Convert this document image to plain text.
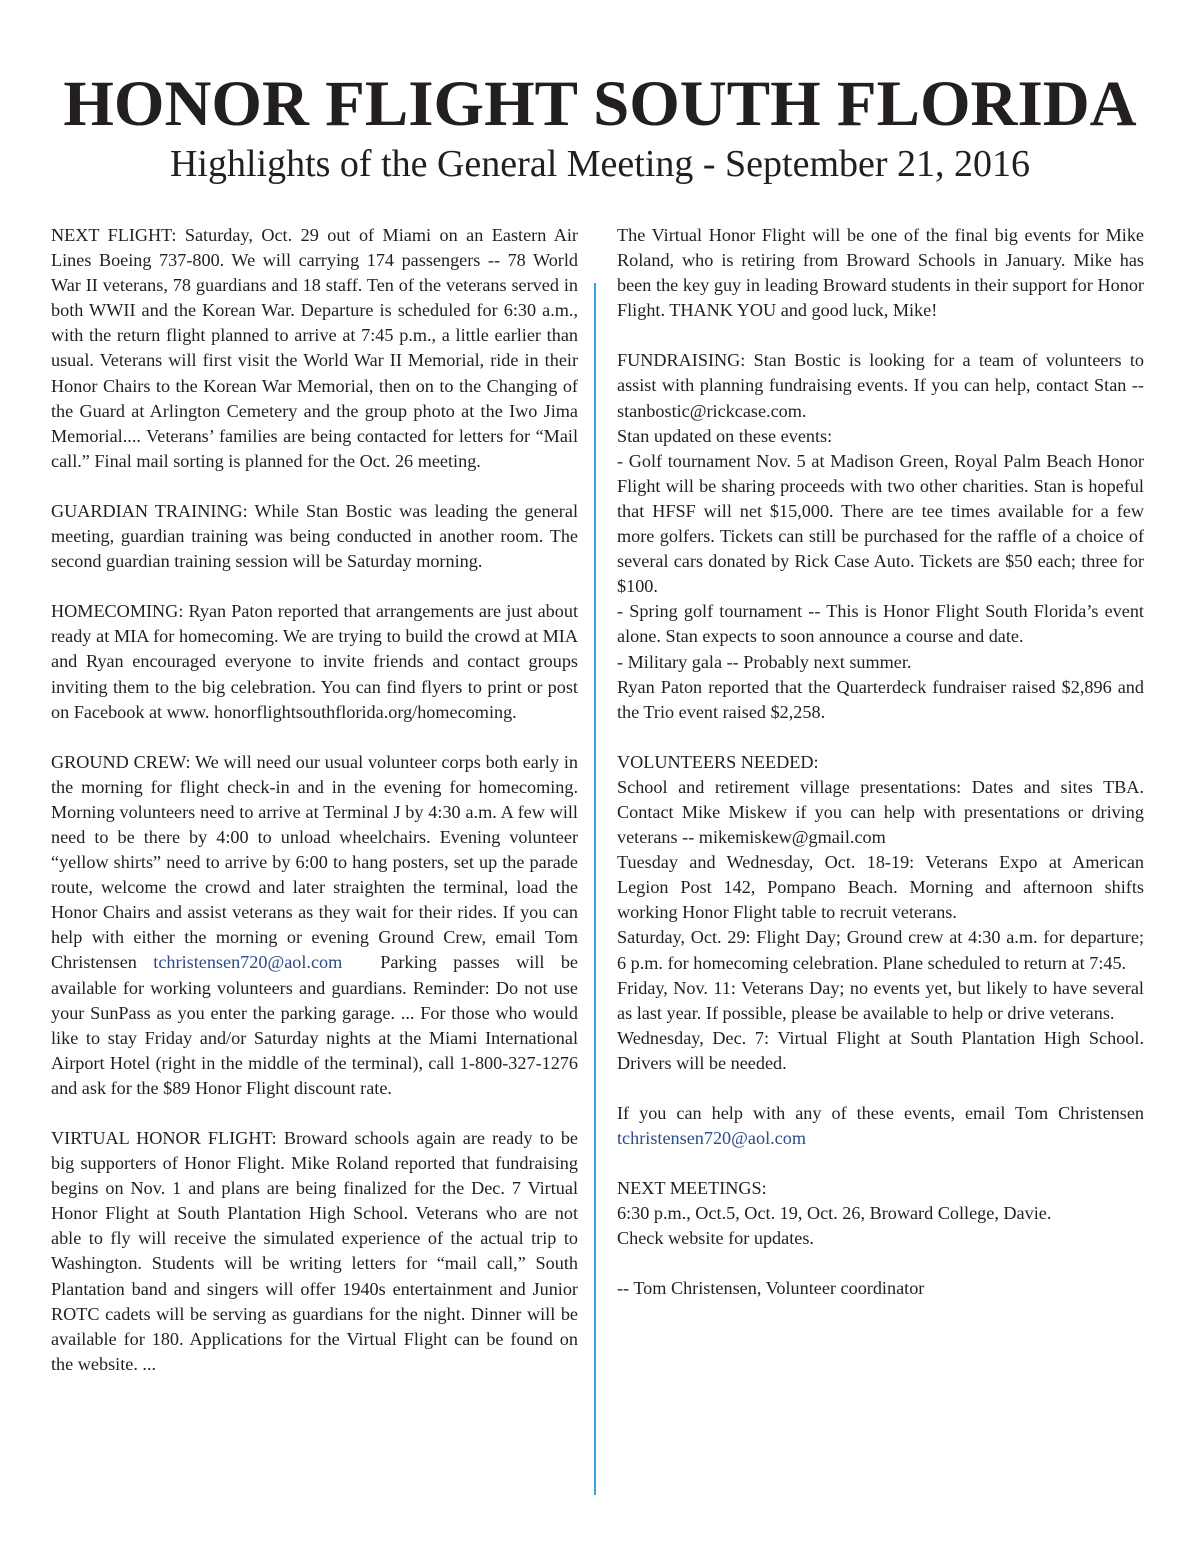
HONOR FLIGHT SOUTH FLORIDA
Highlights of the General Meeting - September 21, 2016

NEXT FLIGHT: Saturday, Oct. 29 out of Miami on an Eastern Air Lines Boeing 737-800. We will carrying 174 passengers -- 78 World War II veterans, 78 guardians and 18 staff. Ten of the veterans served in both WWII and the Korean War. Departure is scheduled for 6:30 a.m., with the return flight planned to arrive at 7:45 p.m., a little earlier than usual. Veterans will first visit the World War II Memorial, ride in their Honor Chairs to the Korean War Memorial, then on to the Changing of the Guard at Arlington Cemetery and the group photo at the Iwo Jima Memorial.... Veterans’ families are being contacted for letters for “Mail call.” Final mail sorting is planned for the Oct. 26 meeting.

GUARDIAN TRAINING: While Stan Bostic was leading the general meeting, guardian training was being conducted in another room. The second guardian training session will be Saturday morning.

HOMECOMING: Ryan Paton reported that arrangements are just about ready at MIA for homecoming. We are trying to build the crowd at MIA and Ryan encouraged everyone to invite friends and contact groups inviting them to the big celebration. You can find flyers to print or post on Facebook at www. honorflightsouthflorida.org/homecoming.

GROUND CREW: We will need our usual volunteer corps both early in the morning for flight check-in and in the evening for homecoming. Morning volunteers need to arrive at Terminal J by 4:30 a.m. A few will need to be there by 4:00 to unload wheelchairs. Evening volunteer “yellow shirts” need to arrive by 6:00 to hang posters, set up the parade route, welcome the crowd and later straighten the terminal, load the Honor Chairs and assist veterans as they wait for their rides. If you can help with either the morning or evening Ground Crew, email Tom Christensen tchristensen720@aol.com Parking passes will be available for working volunteers and guardians. Reminder: Do not use your SunPass as you enter the parking garage. ... For those who would like to stay Friday and/or Saturday nights at the Miami International Airport Hotel (right in the middle of the terminal), call 1-800-327-1276 and ask for the $89 Honor Flight discount rate.

VIRTUAL HONOR FLIGHT: Broward schools again are ready to be big supporters of Honor Flight. Mike Roland reported that fundraising begins on Nov. 1 and plans are being finalized for the Dec. 7 Virtual Honor Flight at South Plantation High School. Veterans who are not able to fly will receive the simulated experience of the actual trip to Washington. Students will be writing letters for “mail call,” South Plantation band and singers will offer 1940s entertainment and Junior ROTC cadets will be serving as guardians for the night. Dinner will be available for 180. Applications for the Virtual Flight can be found on the website. ...

The Virtual Honor Flight will be one of the final big events for Mike Roland, who is retiring from Broward Schools in January. Mike has been the key guy in leading Broward students in their support for Honor Flight. THANK YOU and good luck, Mike!

FUNDRAISING: Stan Bostic is looking for a team of volunteers to assist with planning fundraising events. If you can help, contact Stan -- stanbostic@rickcase.com.
Stan updated on these events:
- Golf tournament Nov. 5 at Madison Green, Royal Palm Beach Honor Flight will be sharing proceeds with two other charities. Stan is hopeful that HFSF will net $15,000. There are tee times available for a few more golfers. Tickets can still be purchased for the raffle of a choice of several cars donated by Rick Case Auto. Tickets are $50 each; three for $100.
- Spring golf tournament -- This is Honor Flight South Florida’s event alone. Stan expects to soon announce a course and date.
- Military gala -- Probably next summer.
Ryan Paton reported that the Quarterdeck fundraiser raised $2,896 and the Trio event raised $2,258.

VOLUNTEERS NEEDED:
School and retirement village presentations: Dates and sites TBA. Contact Mike Miskew if you can help with presentations or driving veterans -- mikemiskew@gmail.com
Tuesday and Wednesday, Oct. 18-19: Veterans Expo at American Legion Post 142, Pompano Beach. Morning and afternoon shifts working Honor Flight table to recruit veterans.
Saturday, Oct. 29: Flight Day; Ground crew at 4:30 a.m. for departure; 6 p.m. for homecoming celebration. Plane scheduled to return at 7:45.
Friday, Nov. 11: Veterans Day; no events yet, but likely to have several as last year. If possible, please be available to help or drive veterans.
Wednesday, Dec. 7: Virtual Flight at South Plantation High School. Drivers will be needed.

If you can help with any of these events, email Tom Christensen tchristensen720@aol.com

NEXT MEETINGS:
6:30 p.m., Oct.5, Oct. 19, Oct. 26, Broward College, Davie.
Check website for updates.

-- Tom Christensen, Volunteer coordinator
